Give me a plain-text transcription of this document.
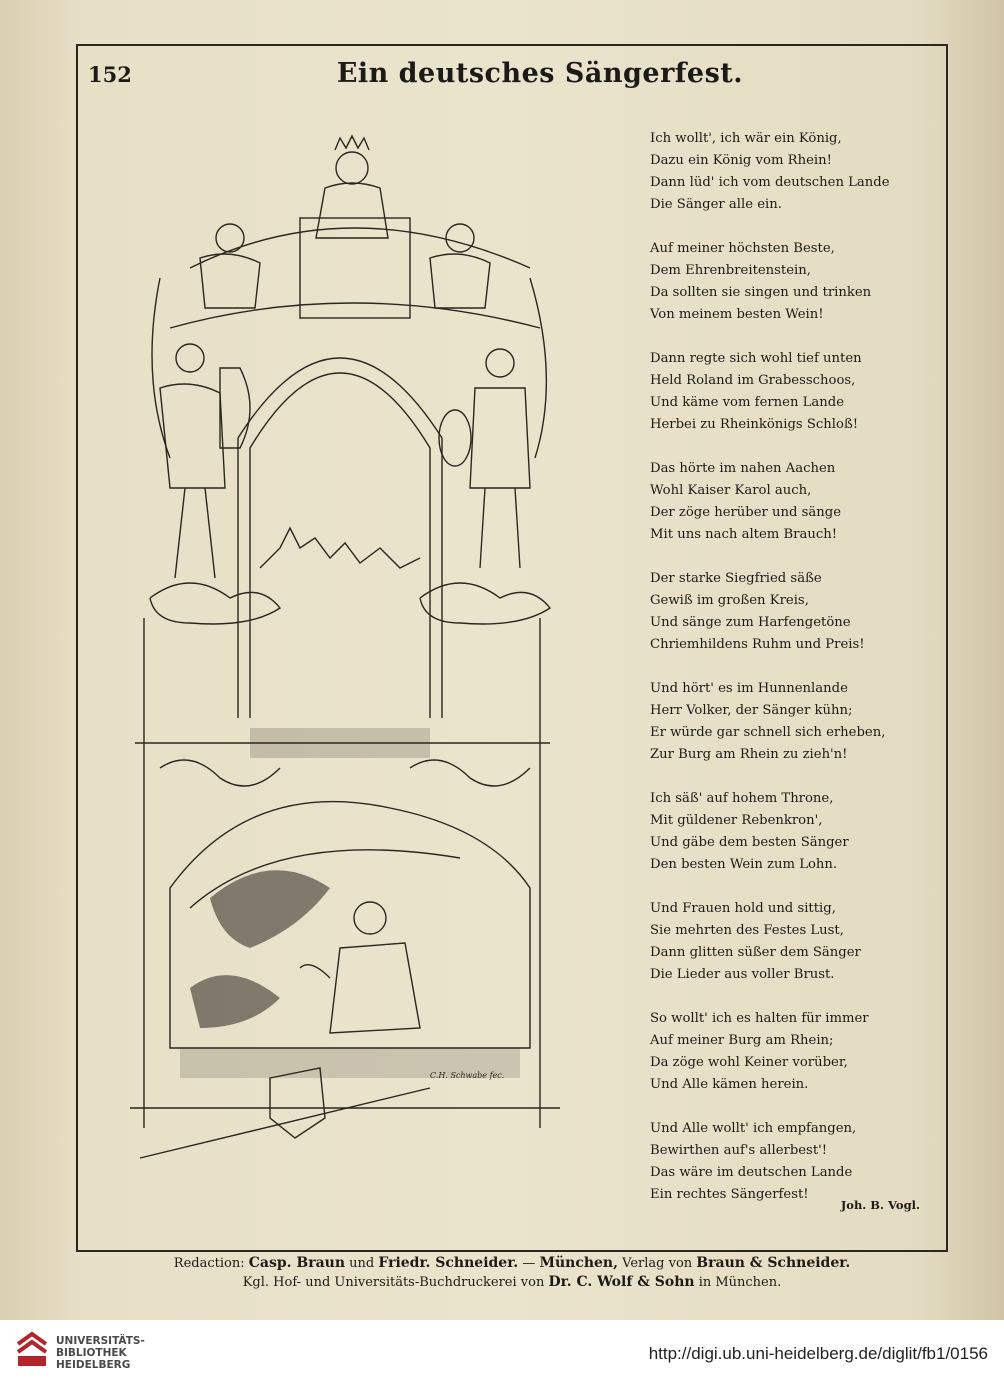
152	Ein deutsches Sängerfest.
C.H. Schwabe fec.
Ich wollt', ich wär ein König,
Dazu ein König vom Rhein!
Dann lüd' ich vom deutschen Lande
Die Sänger alle ein.
Auf meiner höchsten Beste,
Dem Ehrenbreitenstein,
Da sollten sie singen und trinken
Von meinem besten Wein!
Dann regte sich wohl tief unten
Held Roland im Grabesschoos,
Und käme vom fernen Lande
Herbei zu Rheinkönigs Schloß!
Das hörte im nahen Aachen
Wohl Kaiser Karol auch,
Der zöge herüber und sänge
Mit uns nach altem Brauch!
Der starke Siegfried säße
Gewiß im großen Kreis,
Und sänge zum Harfengetöne
Chriemhildens Ruhm und Preis!
Und hört' es im Hunnenlande
Herr Volker, der Sänger kühn;
Er würde gar schnell sich erheben,
Zur Burg am Rhein zu zieh'n!
Ich säß' auf hohem Throne,
Mit güldener Rebenkron',
Und gäbe dem besten Sänger
Den besten Wein zum Lohn.
Und Frauen hold und sittig,
Sie mehrten des Festes Lust,
Dann glitten süßer dem Sänger
Die Lieder aus voller Brust.
So wollt' ich es halten für immer
Auf meiner Burg am Rhein;
Da zöge wohl Keiner vorüber,
Und Alle kämen herein.
Und Alle wollt' ich empfangen,
Bewirthen auf's allerbest'!
Das wäre im deutschen Lande
Ein rechtes Sängerfest!
Joh. B. Vogl.
Redaction: Casp. Braun und Friedr. Schneider. — München, Verlag von Braun & Schneider.
Kgl. Hof- und Universitäts-Buchdruckerei von Dr. C. Wolf & Sohn in München.
UNIVERSITÄTS-
BIBLIOTHEK
HEIDELBERG
http://digi.ub.uni-heidelberg.de/diglit/fb1/0156
